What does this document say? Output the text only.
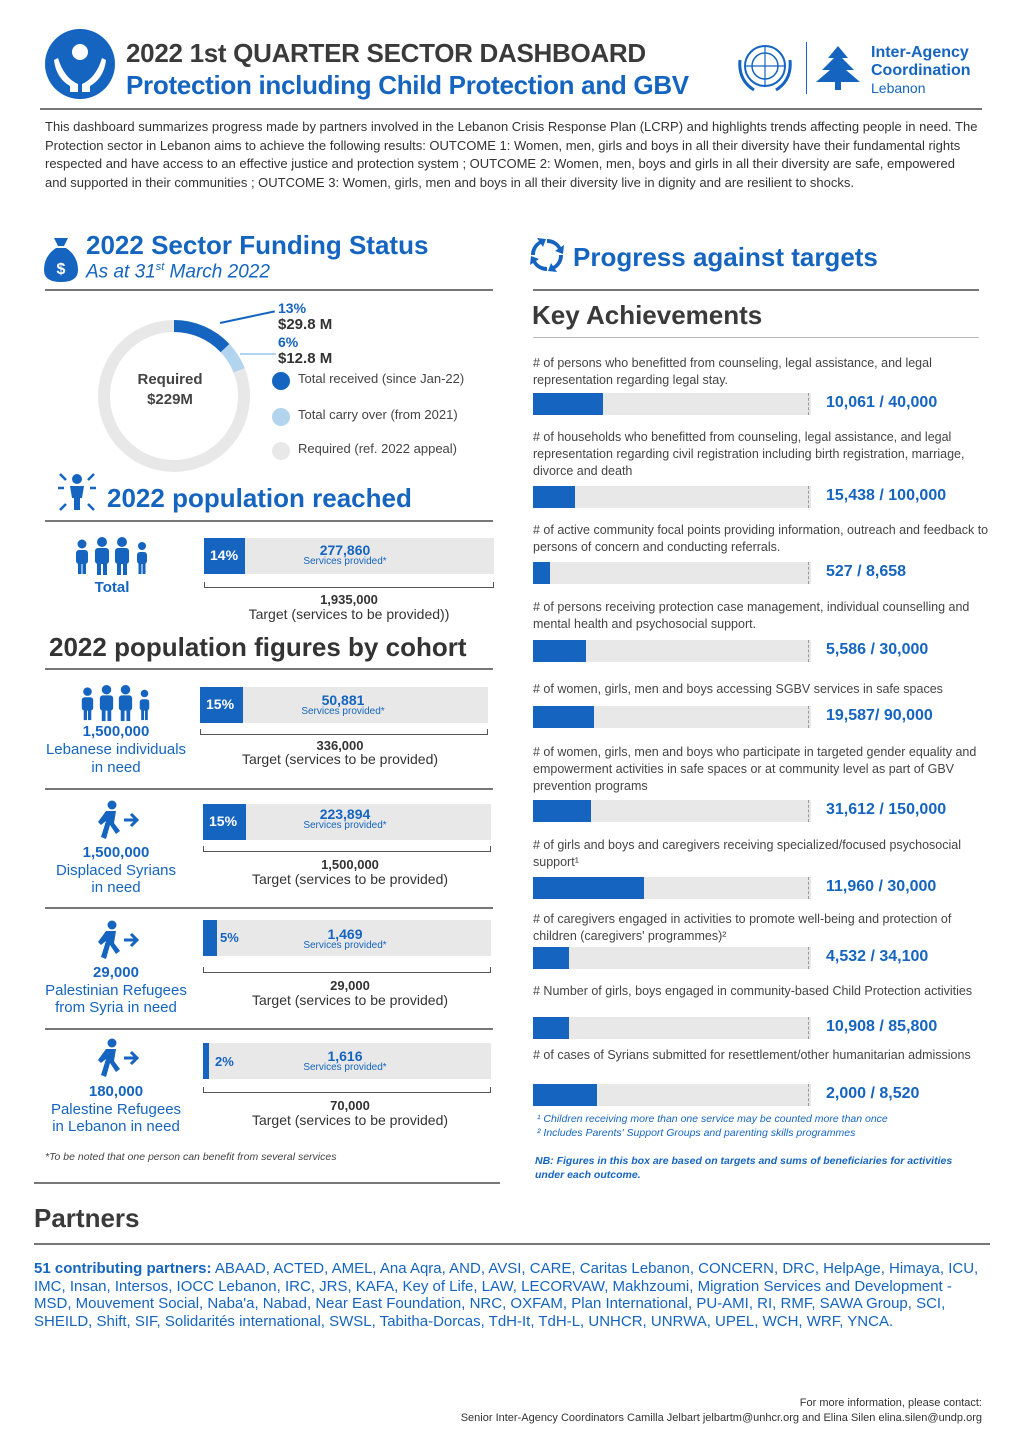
2022 1st QUARTER SECTOR DASHBOARD
Protection including Child Protection and GBV
Inter-Agency
Coordination
Lebanon
This dashboard summarizes progress made by partners involved in the Lebanon Crisis Response Plan (LCRP) and highlights trends affecting people in need. The Protection sector in Lebanon aims to achieve the following results: OUTCOME 1: Women, men, girls and boys in all their diversity have their fundamental rights respected and have access to an effective justice and protection system ; OUTCOME 2: Women, men, boys and girls in all their diversity are safe, empowered and supported in their communities ; OUTCOME 3: Women, girls, men and boys in all their diversity live in dignity and are resilient to shocks.
$
2022 Sector Funding Status
As at 31st March 2022
Required
$229M
13%
$29.8 M
6%
$12.8 M
Total received (since Jan-22)
Total carry over (from 2021)
Required (ref. 2022 appeal)
2022 population reached
Total
14%	277,860
Services provided*
1,935,000
Target (services to be provided))
2022 population figures by cohort
1,500,000
Lebanese individuals
in need
15%	50,881
Services provided*
336,000
Target (services to be provided)
1,500,000
Displaced Syrians
in need
15%	223,894
Services provided*
1,500,000
Target (services to be provided)
29,000
Palestinian Refugees
from Syria in need
5%	1,469
Services provided*
29,000
Target (services to be provided)
180,000
Palestine Refugees
in Lebanon in need
2%	1,616
Services provided*
70,000
Target (services to be provided)
*To be noted that one person can benefit from several services
Progress against targets
Key Achievements
# of persons who benefitted from counseling, legal assistance, and legal representation regarding legal stay.
10,061 / 40,000
# of households who benefitted from counseling, legal assistance, and legal representation regarding civil registration including birth registration, marriage, divorce and death
15,438 / 100,000
# of active community focal points providing information, outreach and feedback to persons of concern and conducting referrals.
527 / 8,658
# of persons receiving protection case management, individual counselling and mental health and psychosocial support.
5,586 / 30,000
# of women, girls, men and boys accessing SGBV services in safe spaces
19,587/ 90,000
# of women, girls, men and boys who participate in targeted gender equality and empowerment activities in safe spaces or at community level as part of GBV prevention programs
31,612 / 150,000
# of girls and boys and caregivers receiving specialized/focused psychosocial support¹
11,960 / 30,000
# of caregivers engaged in activities to promote well-being and protection of children (caregivers' programmes)²
4,532 / 34,100
# Number of girls, boys engaged in community-based Child Protection activities
10,908 / 85,800
# of cases of Syrians submitted for resettlement/other humanitarian admissions
2,000 / 8,520
¹ Children receiving more than one service may be counted more than once
² Includes Parents' Support Groups and parenting skills programmes
NB: Figures in this box are based on targets and sums of beneficiaries for activities under each outcome.
Partners
51 contributing partners: ABAAD, ACTED, AMEL, Ana Aqra, AND, AVSI, CARE, Caritas Lebanon, CONCERN, DRC, HelpAge, Himaya, ICU, IMC, Insan, Intersos, IOCC Lebanon, IRC, JRS, KAFA, Key of Life, LAW, LECORVAW, Makhzoumi, Migration Services and Development - MSD, Mouvement Social, Naba'a, Nabad, Near East Foundation, NRC, OXFAM, Plan International, PU-AMI, RI, RMF, SAWA Group, SCI, SHEILD, Shift, SIF, Solidarités international, SWSL, Tabitha-Dorcas, TdH-It, TdH-L, UNHCR, UNRWA, UPEL, WCH, WRF, YNCA.
For more information, please contact:
Senior Inter-Agency Coordinators Camilla Jelbart jelbartm@unhcr.org and Elina Silen elina.silen@undp.org
